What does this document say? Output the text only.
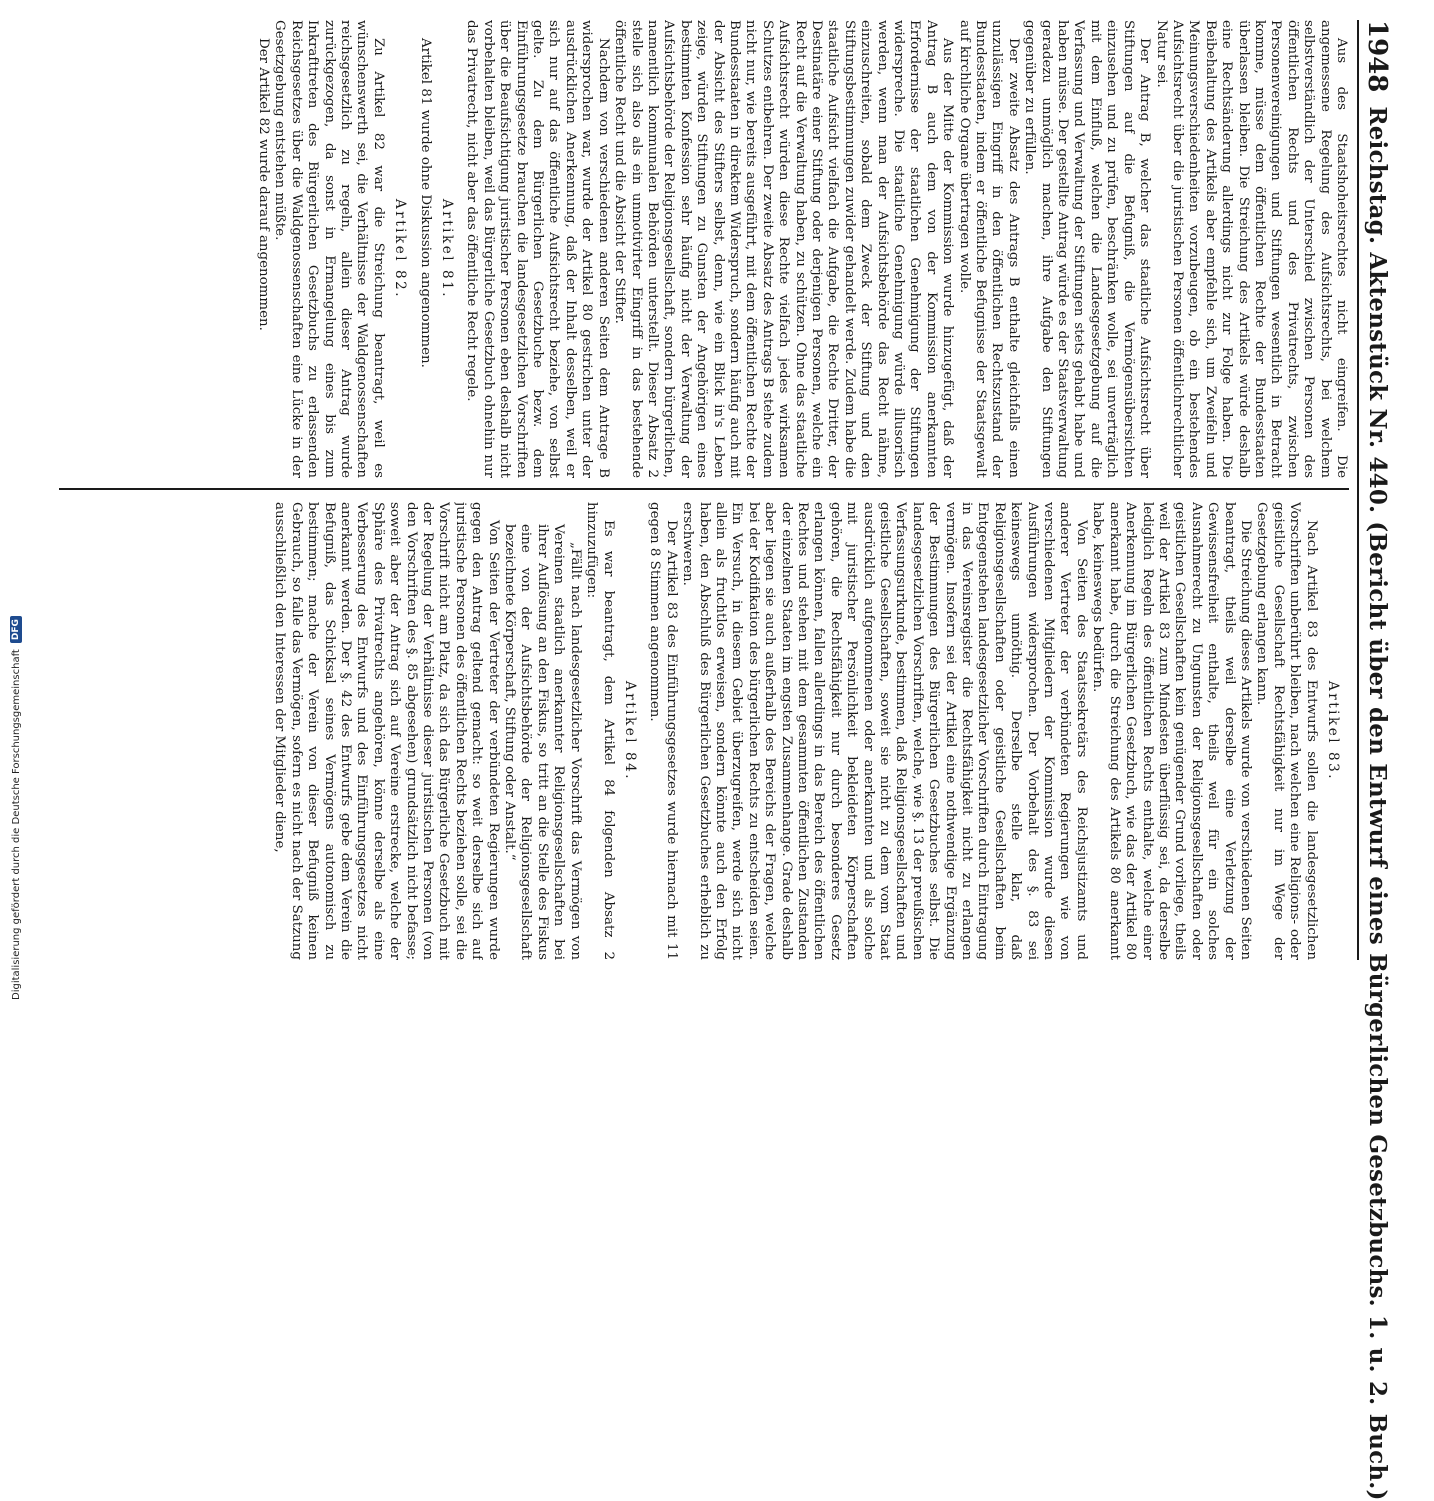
1948
Reichstag. Aktenstück Nr. 440. (Bericht über den Entwurf eines Bürgerlichen Gesetzbuchs. 1. u. 2. Buch.)

Aus des Staatshoheitsrechtes nicht eingreifen. Die angemessene Regelung des Aufsichtsrechts, bei welchem selbstverständlich der Unterschied zwischen Personen des öffentlichen Rechts und des Privatrechts, zwischen Personenvereinigungen und Stiftungen wesentlich in Betracht komme, müsse dem öffentlichen Rechte der Bundesstaaten überlassen bleiben. Die Streichung des Artikels würde deshalb eine Rechtsänderung allerdings nicht zur Folge haben. Die Beibehaltung des Artikels aber empfehle sich, um Zweifeln und Meinungsverschiedenheiten vorzubeugen, ob ein bestehendes Aufsichtsrecht über die juristischen Personen öffentlichrechtlicher Natur sei.

Der Antrag B, welcher das staatliche Aufsichtsrecht über Stiftungen auf die Befugniß, die Vermögensübersichten einzusehen und zu prüfen, beschränken wolle, sei unverträglich mit dem Einfluß, welchen die Landesgesetzgebung auf die Verfassung und Verwaltung der Stiftungen stets gehabt habe und haben müsse. Der gestellte Antrag würde es der Staatsverwaltung geradezu unmöglich machen, ihre Aufgabe den Stiftungen gegenüber zu erfüllen.

Der zweite Absatz des Antrags B enthalte gleichfalls einen unzulässigen Eingriff in den öffentlichen Rechtszustand der Bundesstaaten, indem er öffentliche Befugnisse der Staatsgewalt auf kirchliche Organe übertragen wolle.

Aus der Mitte der Kommission wurde hinzugefügt, daß der Antrag B auch dem von der Kommission anerkannten Erfordernisse der staatlichen Genehmigung der Stiftungen widerspreche. Die staatliche Genehmigung würde illusorisch werden, wenn man der Aufsichtsbehörde das Recht nähme, einzuschreiten, sobald dem Zweck der Stiftung und den Stiftungsbestimmungen zuwider gehandelt werde. Zudem habe die staatliche Aufsicht vielfach die Aufgabe, die Rechte Dritter, der Destinatäre einer Stiftung oder derjenigen Personen, welche ein Recht auf die Verwaltung haben, zu schützen. Ohne das staatliche Aufsichtsrecht würden diese Rechte vielfach jedes wirksamen Schutzes entbehren. Der zweite Absatz des Antrags B stehe zudem nicht nur, wie bereits ausgeführt, mit dem öffentlichen Rechte der Bundesstaaten in direktem Widerspruch, sondern häufig auch mit der Absicht des Stifters selbst, denn, wie ein Blick in's Leben zeige, würden Stiftungen zu Gunsten der Angehörigen eines bestimmten Konfession sehr häufig nicht der Verwaltung der Aufsichtsbehörde der Religionsgesellschaft, sondern bürgerlichen, namentlich kommunalen Behörden unterstellt. Dieser Absatz 2 stelle sich also als ein unmotivirter Eingriff in das bestehende öffentliche Recht und die Absicht der Stifter.

Nachdem von verschiedenen anderen Seiten dem Antrage B widersprochen war, wurde der Artikel 80 gestrichen unter der ausdrücklichen Anerkennung, daß der Inhalt desselben, weil er sich nur auf das öffentliche Aufsichtsrecht beziehe, von selbst gelte. Zu dem Bürgerlichen Gesetzbuche bezw. dem Einführungsgesetze brauchen die landesgesetzlichen Vorschriften über die Beaufsichtigung juristischer Personen eben deshalb nicht vorbehalten bleiben, weil das Bürgerliche Gesetzbuch ohnehin nur das Privatrecht, nicht aber das öffentliche Recht regele.

Artikel 81.

Artikel 81 wurde ohne Diskussion angenommen.

Artikel 82.

Zu Artikel 82 war die Streichung beantragt, weil es wünschenswerth sei, die Verhältnisse der Waldgenossenschaften reichsgesetzlich zu regeln, allein dieser Antrag wurde zurückgezogen, da sonst in Ermangelung eines bis zum Inkrafttreten des Bürgerlichen Gesetzbuchs zu erlassenden Reichsgesetzes über die Waldgenossenschaften eine Lücke in der Gesetzgebung entstehen müßte.

Der Artikel 82 wurde darauf angenommen.

Artikel 83.

Nach Artikel 83 des Entwurfs sollen die landesgesetzlichen Vorschriften unberührt bleiben, nach welchen eine Religions- oder geistliche Gesellschaft Rechtsfähigkeit nur im Wege der Gesetzgebung erlangen kann.

Die Streichung dieses Artikels wurde von verschiedenen Seiten beantragt, theils weil derselbe eine Verletzung der Gewissensfreiheit enthalte, theils weil für ein solches Ausnahmerecht zu Ungunsten der Religionsgesellschaften oder geistlichen Gesellschaften kein genügender Grund vorliege, theils weil der Artikel 83 zum Mindesten überflüssig sei, da derselbe lediglich Regeln des öffentlichen Rechts enthalte, welche einer Anerkennung im Bürgerlichen Gesetzbuch, wie das der Artikel 80 anerkannt habe, durch die Streichung des Artikels 80 anerkannt habe, keineswegs bedürfen.

Von Seiten des Staatssekretärs des Reichsjustizamts und anderer Vertreter der verbündeten Regierungen wie von verschiedenen Mitgliedern der Kommission wurde diesen Ausführungen widersprochen. Der Vorbehalt des §. 83 sei keineswegs unnöthig. Derselbe stelle klar, daß Religionsgesellschaften oder geistliche Gesellschaften beim Entgegenstehen landesgesetzlicher Vorschriften durch Eintragung in das Vereinsregister die Rechtsfähigkeit nicht zu erlangen vermögen. Insofern sei der Artikel eine nothwendige Ergänzung der Bestimmungen des Bürgerlichen Gesetzbuches selbst. Die landesgesetzlichen Vorschriften, welche, wie §. 13 der preußischen Verfassungsurkunde, bestimmen, daß Religionsgesellschaften und geistliche Gesellschaften, soweit sie nicht zu dem vom Staat ausdrücklich aufgenommenen oder anerkannten und als solche mit juristischer Persönlichkeit bekleideten Körperschaften gehören, die Rechtsfähigkeit nur durch besonderes Gesetz erlangen können, fallen allerdings in das Bereich des öffentlichen Rechtes und stehen mit dem gesammten öffentlichen Zustanden der einzelnen Staaten im engsten Zusammenhange. Grade deshalb aber liegen sie auch außerhalb des Bereichs der Fragen, welche bei der Kodifikation des bürgerlichen Rechts zu entscheiden seien. Ein Versuch, in diesem Gebiet überzugreifen, werde sich nicht allein als fruchtlos erweisen, sondern könnte auch den Erfolg haben, den Abschluß des Bürgerlichen Gesetzbuches erheblich zu erschweren.

Der Artikel 83 des Einführungsgesetzes wurde hiernach mit 11 gegen 8 Stimmen angenommen.

Artikel 84.

Es war beantragt, dem Artikel 84 folgenden Absatz 2 hinzuzufügen:

„Fällt nach landesgesetzlicher Vorschrift das Vermögen von Vereinen staatlich anerkannter Religionsgesellschaften bei ihrer Auflösung an den Fiskus, so tritt an die Stelle des Fiskus eine von der Aufsichtsbehörde der Religionsgesellschaft bezeichnete Körperschaft, Stiftung oder Anstalt.“

Von Seiten der Vertreter der verbündeten Regierungen wurde gegen den Antrag geltend gemacht: so weit derselbe sich auf juristische Personen des öffentlichen Rechts beziehen solle, sei die Vorschrift nicht am Platz, da sich das Bürgerliche Gesetzbuch mit der Regelung der Verhältnisse dieser juristischen Personen (von den Vorschriften des §. 85 abgesehen) grundsätzlich nicht befasse; soweit aber der Antrag sich auf Vereine erstrecke, welche der Sphäre des Privatrechts angehören, könne derselbe als eine Verbesserung des Entwurfs und des Einführungsgesetzes nicht anerkannt werden. Der §. 42 des Entwurfs gebe dem Verein die Befugniß, das Schicksal seines Vermögens autonomisch zu bestimmen; mache der Verein von dieser Befugniß keinen Gebrauch, so falle das Vermögen, sofern es nicht nach der Satzung ausschließlich den Interessen der Mitglieder diene,

Digitalisierung gefördert durch die Deutsche Forschungsgemeinschaft
DFG
